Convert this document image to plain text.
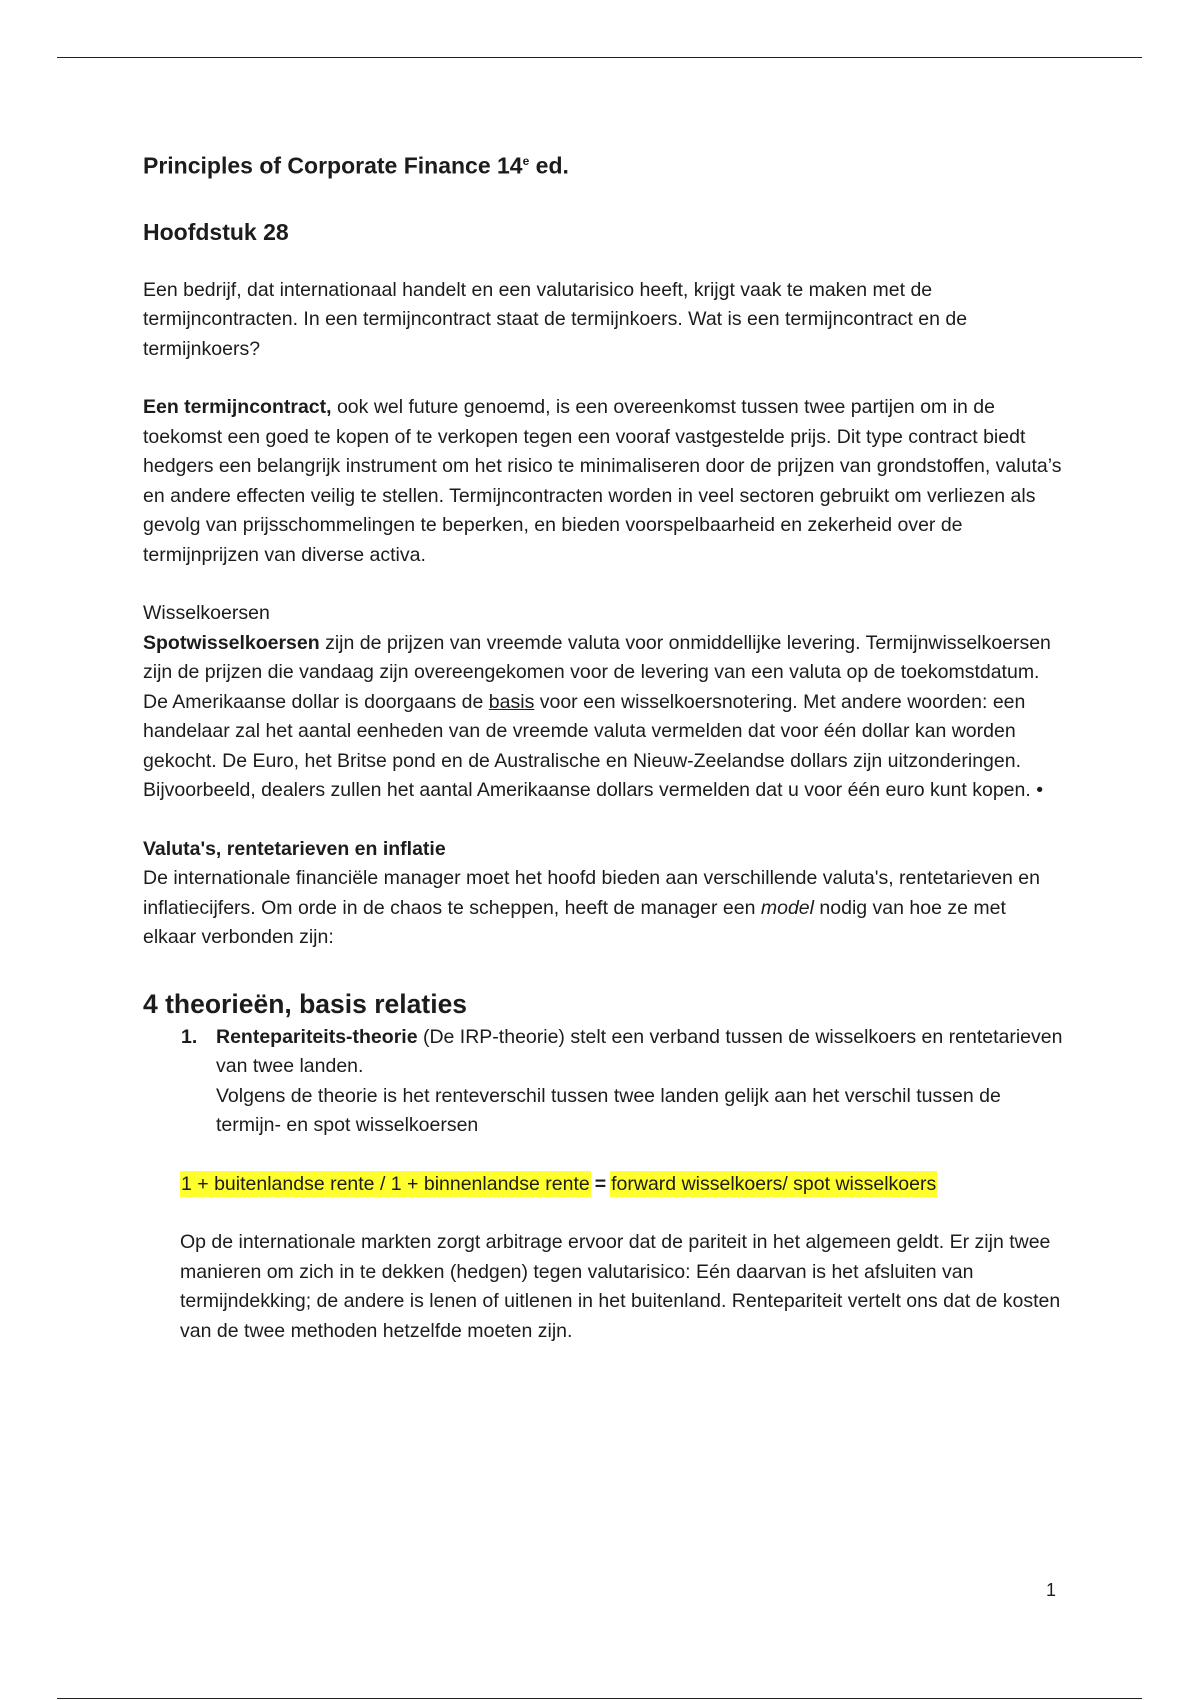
Principles of Corporate Finance 14e ed.
Hoofdstuk 28

Een bedrijf, dat internationaal handelt en een valutarisico heeft, krijgt vaak te maken met de termijncontracten. In een termijncontract staat de termijnkoers. Wat is een termijncontract en de termijnkoers?

Een termijncontract, ook wel future genoemd, is een overeenkomst tussen twee partijen om in de toekomst een goed te kopen of te verkopen tegen een vooraf vastgestelde prijs. Dit type contract biedt hedgers een belangrijk instrument om het risico te minimaliseren door de prijzen van grondstoffen, valuta’s en andere effecten veilig te stellen. Termijncontracten worden in veel sectoren gebruikt om verliezen als gevolg van prijsschommelingen te beperken, en bieden voorspelbaarheid en zekerheid over de termijnprijzen van diverse activa.

Wisselkoersen

Spotwisselkoersen zijn de prijzen van vreemde valuta voor onmiddellijke levering. Termijnwisselkoersen zijn de prijzen die vandaag zijn overeengekomen voor de levering van een valuta op de toekomstdatum. De Amerikaanse dollar is doorgaans de basis voor een wisselkoersnotering. Met andere woorden: een handelaar zal het aantal eenheden van de vreemde valuta vermelden dat voor één dollar kan worden gekocht. De Euro, het Britse pond en de Australische en Nieuw-Zeelandse dollars zijn uitzonderingen. Bijvoorbeeld, dealers zullen het aantal Amerikaanse dollars vermelden dat u voor één euro kunt kopen. •

Valuta's, rentetarieven en inflatie

De internationale financiële manager moet het hoofd bieden aan verschillende valuta's, rentetarieven en inflatiecijfers. Om orde in de chaos te scheppen, heeft de manager een model nodig van hoe ze met elkaar verbonden zijn:

4 theorieën, basis relaties
1. Rentepariteits-theorie (De IRP-theorie) stelt een verband tussen de wisselkoers en rentetarieven van twee landen.

Volgens de theorie is het renteverschil tussen twee landen gelijk aan het verschil tussen de termijn- en spot wisselkoersen

1 + buitenlandse rente / 1 + binnenlandse rente = forward wisselkoers/ spot wisselkoers

Op de internationale markten zorgt arbitrage ervoor dat de pariteit in het algemeen geldt. Er zijn twee manieren om zich in te dekken (hedgen) tegen valutarisico: Eén daarvan is het afsluiten van termijndekking; de andere is lenen of uitlenen in het buitenland. Rentepariteit vertelt ons dat de kosten van de twee methoden hetzelfde moeten zijn.

1
